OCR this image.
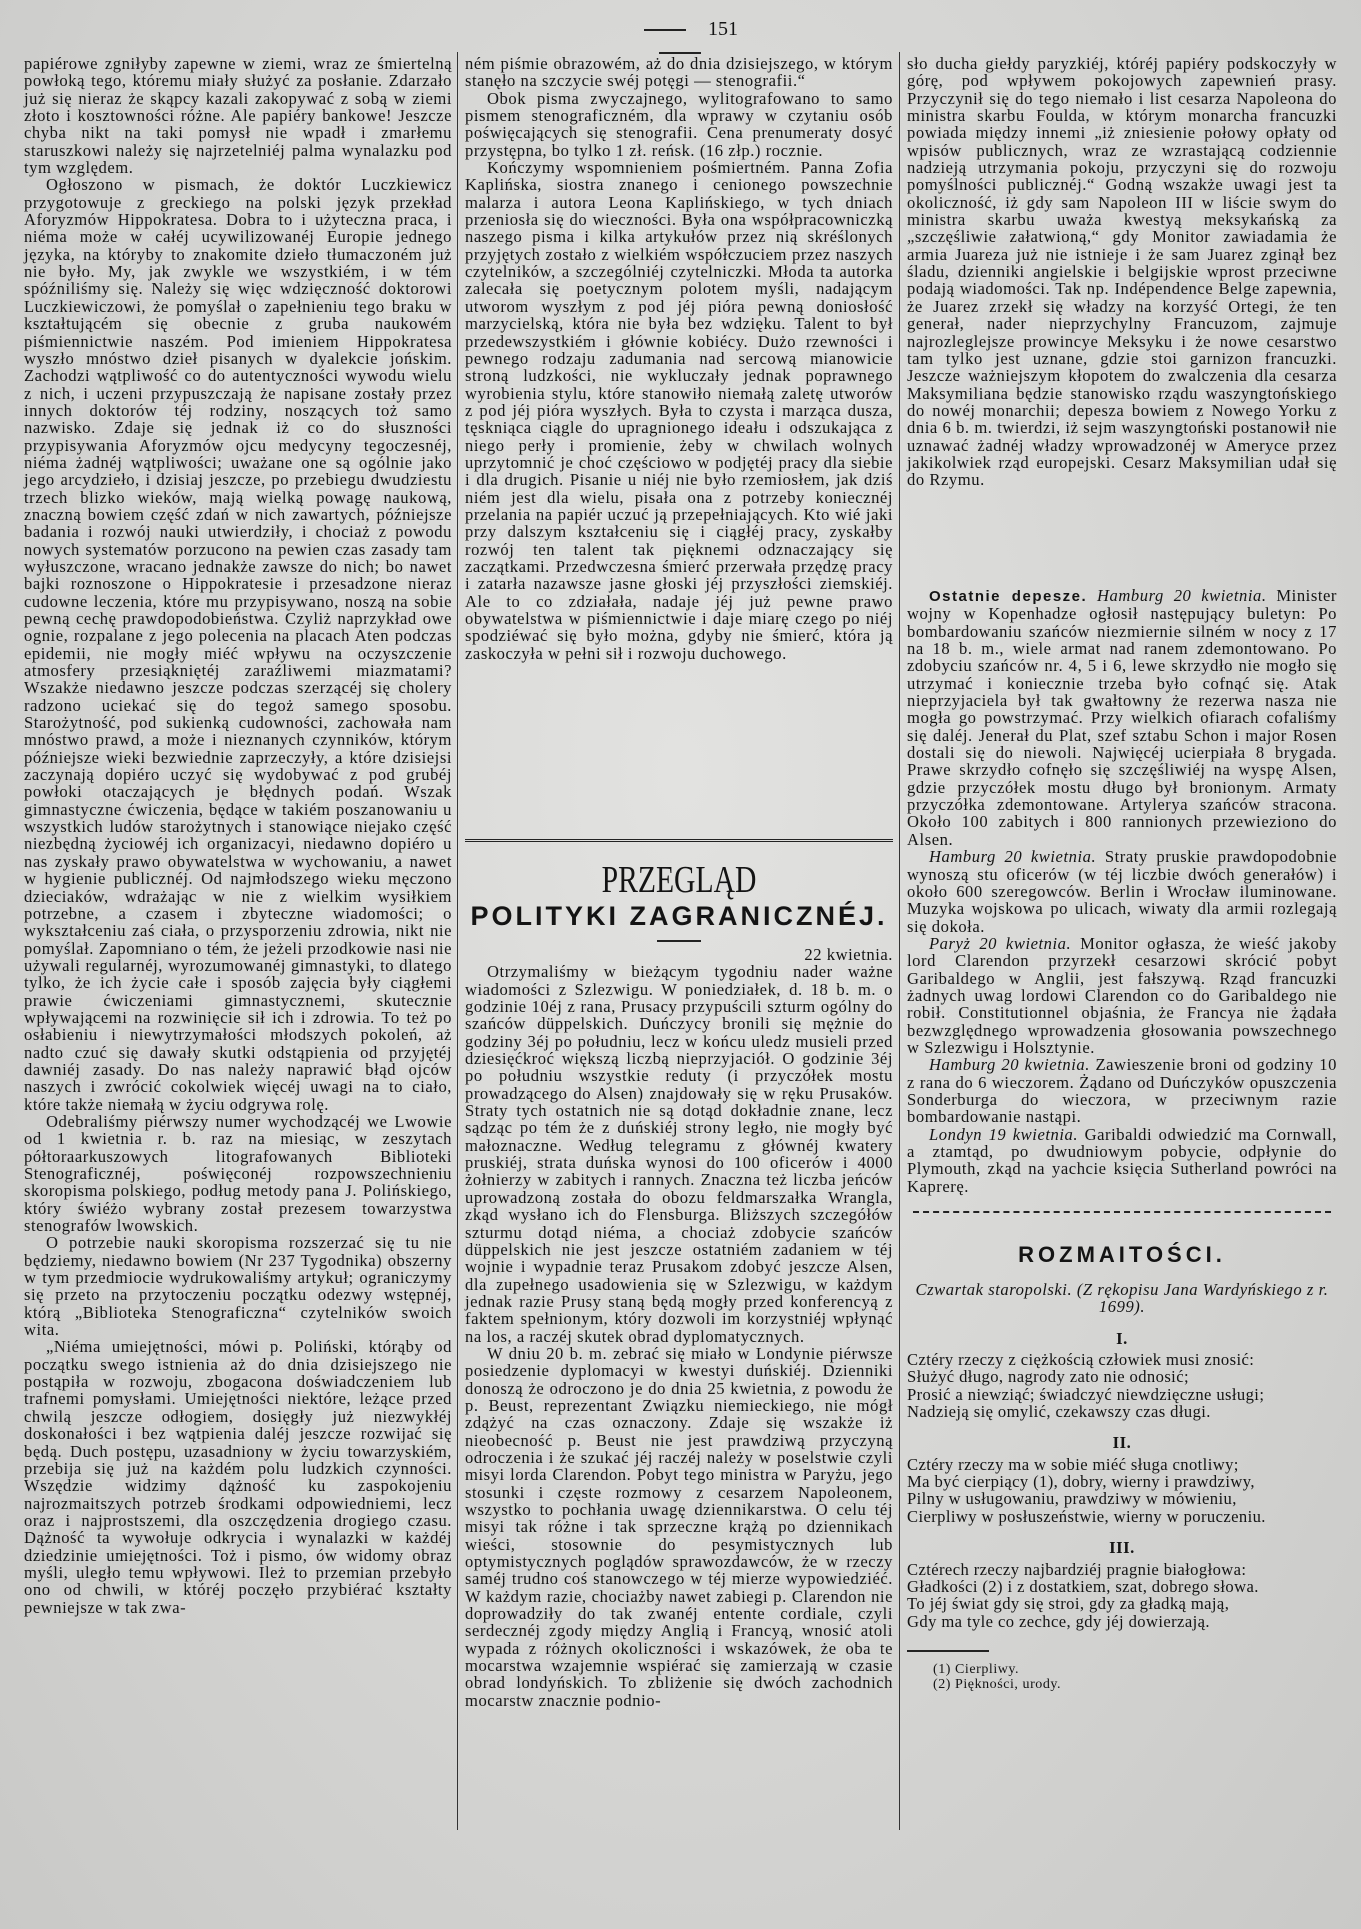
151

papiérowe zgniłyby zapewne w ziemi, wraz ze śmiertelną powłoką tego, któremu miały służyć za posłanie. Zdarzało już się nieraz że skąpcy kazali zakopywać z sobą w ziemi złoto i kosztowności różne. Ale papiéry bankowe! Jeszcze chyba nikt na taki pomysł nie wpadł i zmarłemu staruszkowi należy się najrzetelniéj palma wynalazku pod tym względem.

Ogłoszono w pismach, że doktór Luczkiewicz przygotowuje z greckiego na polski język przekład Aforyzmów Hippokratesa. Dobra to i użyteczna praca, i niéma może w całéj ucywilizowanéj Europie jednego języka, na któryby to znakomite dzieło tłumaczoném już nie było. My, jak zwykle we wszystkiém, i w tém spóźniliśmy się. Należy się więc wdzięczność doktorowi Luczkiewiczowi, że pomyślał o zapełnieniu tego braku w kształtującém się obecnie z gruba naukowém piśmiennictwie naszém. Pod imieniem Hippokratesa wyszło mnóstwo dzieł pisanych w dyalekcie jońskim. Zachodzi wątpliwość co do autentyczności wywodu wielu z nich, i uczeni przypuszczają że napisane zostały przez innych doktorów téj rodziny, noszących toż samo nazwisko. Zdaje się jednak iż co do słuszności przypisywania Aforyzmów ojcu medycyny tegoczesnéj, niéma żadnéj wątpliwości; uważane one są ogólnie jako jego arcydzieło, i dzisiaj jeszcze, po przebiegu dwudziestu trzech blizko wieków, mają wielką powagę naukową, znaczną bowiem część zdań w nich zawartych, późniejsze badania i rozwój nauki utwierdziły, i chociaż z powodu nowych systematów porzucono na pewien czas zasady tam wyłuszczone, wracano jednakże zawsze do nich; bo nawet bajki roznoszone o Hippokratesie i przesadzone nieraz cudowne leczenia, które mu przypisywano, noszą na sobie pewną cechę prawdopodobieństwa. Czyliż naprzykład owe ognie, rozpalane z jego polecenia na placach Aten podczas epidemii, nie mogły miéć wpływu na oczyszczenie atmosfery przesiąkniętéj zaraźliwemi miazmatami? Wszakże niedawno jeszcze podczas szerzącéj się cholery radzono uciekać się do tegoż samego sposobu. Starożytność, pod sukienką cudowności, zachowała nam mnóstwo prawd, a może i nieznanych czynników, którym późniejsze wieki bezwiednie zaprzeczyły, a które dzisiejsi zaczynają dopiéro uczyć się wydobywać z pod grubéj powłoki otaczających je błędnych podań. Wszak gimnastyczne ćwiczenia, będące w takiém poszanowaniu u wszystkich ludów starożytnych i stanowiące niejako część niezbędną życiowéj ich organizacyi, niedawno dopiéro u nas zyskały prawo obywatelstwa w wychowaniu, a nawet w hygienie publicznéj. Od najmłodszego wieku męczono dzieciaków, wdrażając w nie z wielkim wysiłkiem potrzebne, a czasem i zbyteczne wiadomości; o wykształceniu zaś ciała, o przysporzeniu zdrowia, nikt nie pomyślał. Zapomniano o tém, że jeżeli przodkowie nasi nie używali regularnéj, wyrozumowanéj gimnastyki, to dlatego tylko, że ich życie całe i sposób zajęcia były ciągłemi prawie ćwiczeniami gimnastycznemi, skutecznie wpływającemi na rozwinięcie sił ich i zdrowia. To też po osłabieniu i niewytrzymałości młodszych pokoleń, aż nadto czuć się dawały skutki odstąpienia od przyjętéj dawniéj zasady. Do nas należy naprawić błąd ojców naszych i zwrócić cokolwiek więcéj uwagi na to ciało, które także niemałą w życiu odgrywa rolę.

Odebraliśmy piérwszy numer wychodzącéj we Lwowie od 1 kwietnia r. b. raz na miesiąc, w zeszytach półtoraarkuszowych litografowanych Biblioteki Stenograficznéj, poświęconéj rozpowszechnieniu skoropisma polskiego, podług metody pana J. Polińskiego, który świéżo wybrany został prezesem towarzystwa stenografów lwowskich.

O potrzebie nauki skoropisma rozszerzać się tu nie będziemy, niedawno bowiem (Nr 237 Tygodnika) obszerny w tym przedmiocie wydrukowaliśmy artykuł; ograniczymy się przeto na przytoczeniu początku odezwy wstępnéj, którą „Biblioteka Stenograficzna“ czytelników swoich wita.

„Niéma umiejętności, mówi p. Poliński, którąby od początku swego istnienia aż do dnia dzisiejszego nie postąpiła w rozwoju, zbogacona doświadczeniem lub trafnemi pomysłami. Umiejętności niektóre, leżące przed chwilą jeszcze odłogiem, dosięgły już niezwykłéj doskonałości i bez wątpienia daléj jeszcze rozwijać się będą. Duch postępu, uzasadniony w życiu towarzyskiém, przebija się już na każdém polu ludzkich czynności. Wszędzie widzimy dążność ku zaspokojeniu najrozmaitszych potrzeb środkami odpowiedniemi, lecz oraz i najprostszemi, dla oszczędzenia drogiego czasu. Dążność ta wywołuje odkrycia i wynalazki w każdéj dziedzinie umiejętności. Toż i pismo, ów widomy obraz myśli, uległo temu wpływowi. Ileż to przemian przebyło ono od chwili, w któréj poczęło przybiérać kształty pewniejsze w tak zwa-

ném piśmie obrazowém, aż do dnia dzisiejszego, w którym stanęło na szczycie swéj potęgi — stenografii.“

Obok pisma zwyczajnego, wylitografowano to samo pismem stenograficzném, dla wprawy w czytaniu osób poświęcających się stenografii. Cena prenumeraty dosyć przystępna, bo tylko 1 zł. reńsk. (16 złp.) rocznie.

Kończymy wspomnieniem pośmiertném. Panna Zofia Kaplińska, siostra znanego i cenionego powszechnie malarza i autora Leona Kaplińskiego, w tych dniach przeniosła się do wieczności. Była ona współpracowniczką naszego pisma i kilka artykułów przez nią skréślonych przyjętych zostało z wielkiém współczuciem przez naszych czytelników, a szczególniéj czytelniczki. Młoda ta autorka zalecała się poetycznym polotem myśli, nadającym utworom wyszłym z pod jéj pióra pewną doniosłość marzycielską, która nie była bez wdzięku. Talent to był przedewszystkiém i głównie kobiécy. Dużo rzewności i pewnego rodzaju zadumania nad sercową mianowicie stroną ludzkości, nie wykluczały jednak poprawnego wyrobienia stylu, które stanowiło niemałą zaletę utworów z pod jéj pióra wyszłych. Była to czysta i marząca dusza, tęskniąca ciągle do upragnionego ideału i odszukająca z niego perły i promienie, żeby w chwilach wolnych uprzytomnić je choć częściowo w podjętéj pracy dla siebie i dla drugich. Pisanie u niéj nie było rzemiosłem, jak dziś niém jest dla wielu, pisała ona z potrzeby koniecznéj przelania na papiér uczuć ją przepełniających. Kto wié jaki przy dalszym kształceniu się i ciągłéj pracy, zyskałby rozwój ten talent tak pięknemi odznaczający się zaczątkami. Przedwczesna śmierć przerwała przędzę pracy i zatarła nazawsze jasne głoski jéj przyszłości ziemskiéj. Ale to co zdziałała, nadaje jéj już pewne prawo obywatelstwa w piśmiennictwie i daje miarę czego po niéj spodziéwać się było można, gdyby nie śmierć, która ją zaskoczyła w pełni sił i rozwoju duchowego.

PRZEGLĄD
POLITYKI ZAGRANICZNÉJ.
22 kwietnia.

Otrzymaliśmy w bieżącym tygodniu nader ważne wiadomości z Szlezwigu. W poniedziałek, d. 18 b. m. o godzinie 10éj z rana, Prusacy przypuścili szturm ogólny do szańców düppelskich. Duńczycy bronili się mężnie do godziny 3éj po południu, lecz w końcu uledz musieli przed dziesięćkroć większą liczbą nieprzyjaciół. O godzinie 3éj po południu wszystkie reduty (i przyczółek mostu prowadzącego do Alsen) znajdowały się w ręku Prusaków. Straty tych ostatnich nie są dotąd dokładnie znane, lecz sądząc po tém że z duńskiéj strony legło, nie mogły być małoznaczne. Według telegramu z głównéj kwatery pruskiéj, strata duńska wynosi do 100 oficerów i 4000 żołnierzy w zabitych i rannych. Znaczna też liczba jeńców uprowadzoną została do obozu feldmarszałka Wrangla, zkąd wysłano ich do Flensburga. Bliższych szczegółów szturmu dotąd niéma, a chociaż zdobycie szańców düppelskich nie jest jeszcze ostatniém zadaniem w téj wojnie i wypadnie teraz Prusakom zdobyć jeszcze Alsen, dla zupełnego usadowienia się w Szlezwigu, w każdym jednak razie Prusy staną będą mogły przed konferencyą z faktem spełnionym, który dozwoli im korzystniéj wpłynąć na los, a raczéj skutek obrad dyplomatycznych.

W dniu 20 b. m. zebrać się miało w Londynie piérwsze posiedzenie dyplomacyi w kwestyi duńskiéj. Dzienniki donoszą że odroczono je do dnia 25 kwietnia, z powodu że p. Beust, reprezentant Związku niemieckiego, nie mógł zdążyć na czas oznaczony. Zdaje się wszakże iż nieobecność p. Beust nie jest prawdziwą przyczyną odroczenia i że szukać jéj raczéj należy w poselstwie czyli misyi lorda Clarendon. Pobyt tego ministra w Paryżu, jego stosunki i częste rozmowy z cesarzem Napoleonem, wszystko to pochłania uwagę dziennikarstwa. O celu téj misyi tak różne i tak sprzeczne krążą po dziennikach wieści, stosownie do pesymistycznych lub optymistycznych poglądów sprawozdawców, że w rzeczy saméj trudno coś stanowczego w téj mierze wypowiedziéć. W każdym razie, chociażby nawet zabiegi p. Clarendon nie doprowadziły do tak zwanéj entente cordiale, czyli serdecznéj zgody między Anglią i Francyą, wnosić atoli wypada z różnych okoliczności i wskazówek, że oba te mocarstwa wzajemnie wspiérać się zamierzają w czasie obrad londyńskich. To zbliżenie się dwóch zachodnich mocarstw znacznie podnio-

sło ducha giełdy paryzkiéj, któréj papiéry podskoczyły w górę, pod wpływem pokojowych zapewnień prasy. Przyczynił się do tego niemało i list cesarza Napoleona do ministra skarbu Foulda, w którym monarcha francuzki powiada między innemi „iż zniesienie połowy opłaty od wpisów publicznych, wraz ze wzrastającą codziennie nadzieją utrzymania pokoju, przyczyni się do rozwoju pomyślności publicznéj.“ Godną wszakże uwagi jest ta okoliczność, iż gdy sam Napoleon III w liście swym do ministra skarbu uważa kwestyą meksykańską za „szczęśliwie załatwioną,“ gdy Monitor zawiadamia że armia Juareza już nie istnieje i że sam Juarez zginął bez śladu, dzienniki angielskie i belgijskie wprost przeciwne podają wiadomości. Tak np. Indépendence Belge zapewnia, że Juarez zrzekł się władzy na korzyść Ortegi, że ten generał, nader nieprzychylny Francuzom, zajmuje najrozleglejsze prowincye Meksyku i że nowe cesarstwo tam tylko jest uznane, gdzie stoi garnizon francuzki. Jeszcze ważniejszym kłopotem do zwalczenia dla cesarza Maksymiliana będzie stanowisko rządu waszyngtońskiego do nowéj monarchii; depesza bowiem z Nowego Yorku z dnia 6 b. m. twierdzi, iż sejm waszyngtoński postanowił nie uznawać żadnéj władzy wprowadzonéj w Ameryce przez jakikolwiek rząd europejski. Cesarz Maksymilian udał się do Rzymu.

Ostatnie depesze. Hamburg 20 kwietnia. Minister wojny w Kopenhadze ogłosił następujący buletyn: Po bombardowaniu szańców niezmiernie silném w nocy z 17 na 18 b. m., wiele armat nad ranem zdemontowano. Po zdobyciu szańców nr. 4, 5 i 6, lewe skrzydło nie mogło się utrzymać i koniecznie trzeba było cofnąć się. Atak nieprzyjaciela był tak gwałtowny że rezerwa nasza nie mogła go powstrzymać. Przy wielkich ofiarach cofaliśmy się daléj. Jenerał du Plat, szef sztabu Schon i major Rosen dostali się do niewoli. Najwięcéj ucierpiała 8 brygada. Prawe skrzydło cofnęło się szczęśliwiéj na wyspę Alsen, gdzie przyczółek mostu długo był bronionym. Armaty przyczółka zdemontowane. Artylerya szańców stracona. Około 100 zabitych i 800 rannionych przewieziono do Alsen.

Hamburg 20 kwietnia. Straty pruskie prawdopodobnie wynoszą stu oficerów (w téj liczbie dwóch generałów) i około 600 szeregowców. Berlin i Wrocław iluminowane. Muzyka wojskowa po ulicach, wiwaty dla armii rozlegają się dokoła.

Paryż 20 kwietnia. Monitor ogłasza, że wieść jakoby lord Clarendon przyrzekł cesarzowi skrócić pobyt Garibaldego w Anglii, jest fałszywą. Rząd francuzki żadnych uwag lordowi Clarendon co do Garibaldego nie robił. Constitutionnel objaśnia, że Francya nie żądała bezwzględnego wprowadzenia głosowania powszechnego w Szlezwigu i Holsztynie.

Hamburg 20 kwietnia. Zawieszenie broni od godziny 10 z rana do 6 wieczorem. Żądano od Duńczyków opuszczenia Sonderburga do wieczora, w przeciwnym razie bombardowanie nastąpi.

Londyn 19 kwietnia. Garibaldi odwiedzić ma Cornwall, a ztamtąd, po dwudniowym pobycie, odpłynie do Plymouth, zkąd na yachcie księcia Sutherland powróci na Kaprerę.

ROZMAITOŚCI.
Czwartak staropolski. (Z rękopisu Jana Wardyńskiego z r. 1699).
I.
Cztéry rzeczy z ciężkością człowiek musi znosić:
Służyć długo, nagrody zato nie odnosić;
Prosić a niewziąć; świadczyć niewdzięczne usługi;
Nadzieją się omylić, czekawszy czas długi.
II.
Cztéry rzeczy ma w sobie miéć sługa cnotliwy;
Ma być cierpiący (1), dobry, wierny i prawdziwy,
Pilny w usługowaniu, prawdziwy w mówieniu,
Cierpliwy w posłuszeństwie, wierny w poruczeniu.
III.
Cztérech rzeczy najbardziéj pragnie białogłowa:
Gładkości (2) i z dostatkiem, szat, dobrego słowa.
To jéj świat gdy się stroi, gdy za gładką mają,
Gdy ma tyle co zechce, gdy jéj dowierzają.
(1) Cierpliwy.
(2) Piękności, urody.
